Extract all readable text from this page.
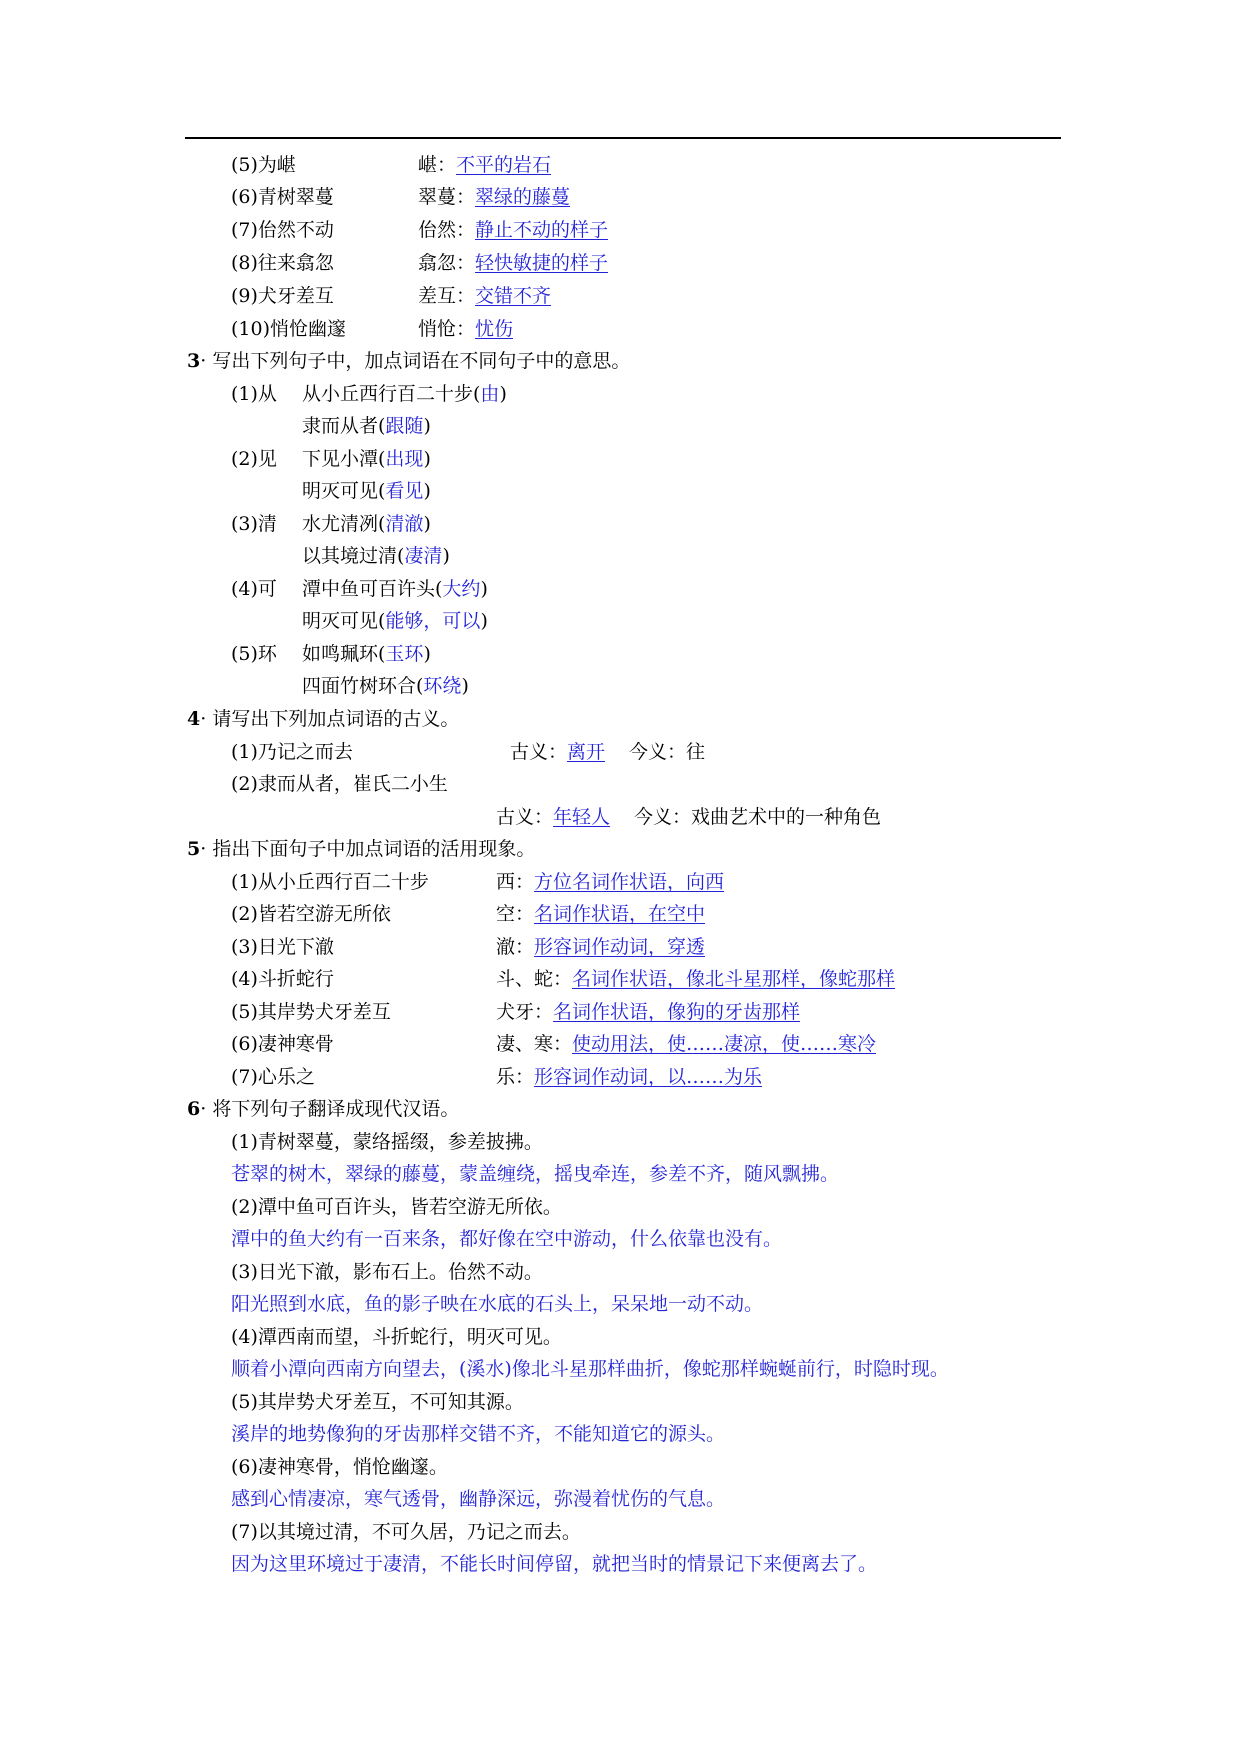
(5)为嵁	嵁：不平的岩石
(6)青树翠蔓	翠蔓：翠绿的藤蔓
(7)佁然不动	佁然：静止不动的样子
(8)往来翕忽	翕忽：轻快敏捷的样子
(9)犬牙差互	差互：交错不齐
(10)悄怆幽邃	悄怆：忧伤
3· 写出下列句子中，加点词语在不同句子中的意思。
(1)从 从小丘西行百二十步(由)
隶而从者(跟随)
(2)见 下见小潭(出现)
明灭可见(看见)
(3)清 水尤清冽(清澈)
以其境过清(凄清)
(4)可 潭中鱼可百许头(大约)
明灭可见(能够，可以)
(5)环 如鸣珮环(玉环)
四面竹树环合(环绕)
4· 请写出下列加点词语的古义。
(1)乃记之而去	古义：离开 今义：往
(2)隶而从者，崔氏二小生
古义：年轻人 今义：戏曲艺术中的一种角色
5· 指出下面句子中加点词语的活用现象。
(1)从小丘西行百二十步	西：方位名词作状语，向西
(2)皆若空游无所依	空：名词作状语，在空中
(3)日光下澈	澈：形容词作动词，穿透
(4)斗折蛇行	斗、蛇：名词作状语，像北斗星那样，像蛇那样
(5)其岸势犬牙差互	犬牙：名词作状语，像狗的牙齿那样
(6)凄神寒骨	凄、寒：使动用法，使……凄凉，使……寒冷
(7)心乐之	乐：形容词作动词，以……为乐
6· 将下列句子翻译成现代汉语。
(1)青树翠蔓，蒙络摇缀，参差披拂。
苍翠的树木，翠绿的藤蔓，蒙盖缠绕，摇曳牵连，参差不齐，随风飘拂。
(2)潭中鱼可百许头，皆若空游无所依。
潭中的鱼大约有一百来条，都好像在空中游动，什么依靠也没有。
(3)日光下澈，影布石上。佁然不动。
阳光照到水底，鱼的影子映在水底的石头上，呆呆地一动不动。
(4)潭西南而望，斗折蛇行，明灭可见。
顺着小潭向西南方向望去，(溪水)像北斗星那样曲折，像蛇那样蜿蜒前行，时隐时现。
(5)其岸势犬牙差互，不可知其源。
溪岸的地势像狗的牙齿那样交错不齐，不能知道它的源头。
(6)凄神寒骨，悄怆幽邃。
感到心情凄凉，寒气透骨，幽静深远，弥漫着忧伤的气息。
(7)以其境过清，不可久居，乃记之而去。
因为这里环境过于凄清，不能长时间停留，就把当时的情景记下来便离去了。
